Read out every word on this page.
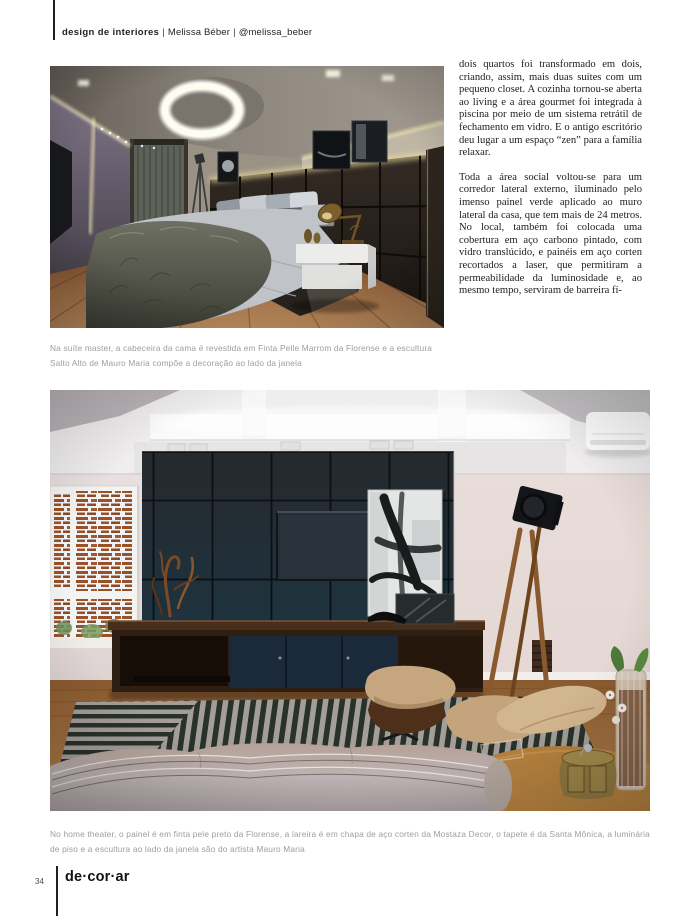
design de interiores | Melissa Béber | @melissa_beber

dois quartos foi transformado em dois, criando, assim, mais duas suítes com um pequeno closet. A cozinha tornou-se aberta ao living e a área gourmet foi integrada à piscina por meio de um sistema retrátil de fechamento em vidro. E o antigo escritório deu lugar a um espaço “zen” para a família relaxar.

Toda a área social voltou-se para um corredor lateral externo, iluminado pelo imenso painel verde aplicado ao muro lateral da casa, que tem mais de 24 metros. No local, também foi colocada uma cobertura em aço carbono pintado, com vidro translúcido, e painéis em aço corten recortados a laser, que permitiram a permeabilidade da luminosidade e, ao mesmo tempo, serviram de barreira fí-

Na suíte master, a cabeceira da cama é revestida em Finta Pelle Marrom da Florense e a escultura Salto Alto de Mauro Maria compõe a decoração ao lado da janela
No home theater, o painel é em finta pele preto da Florense, a lareira é em chapa de aço corten da Mostaza Decor, o tapete é da Santa Mônica, a luminária de piso e a escultura ao lado da janela são do artista Mauro Maria
34 de·cor·ar
